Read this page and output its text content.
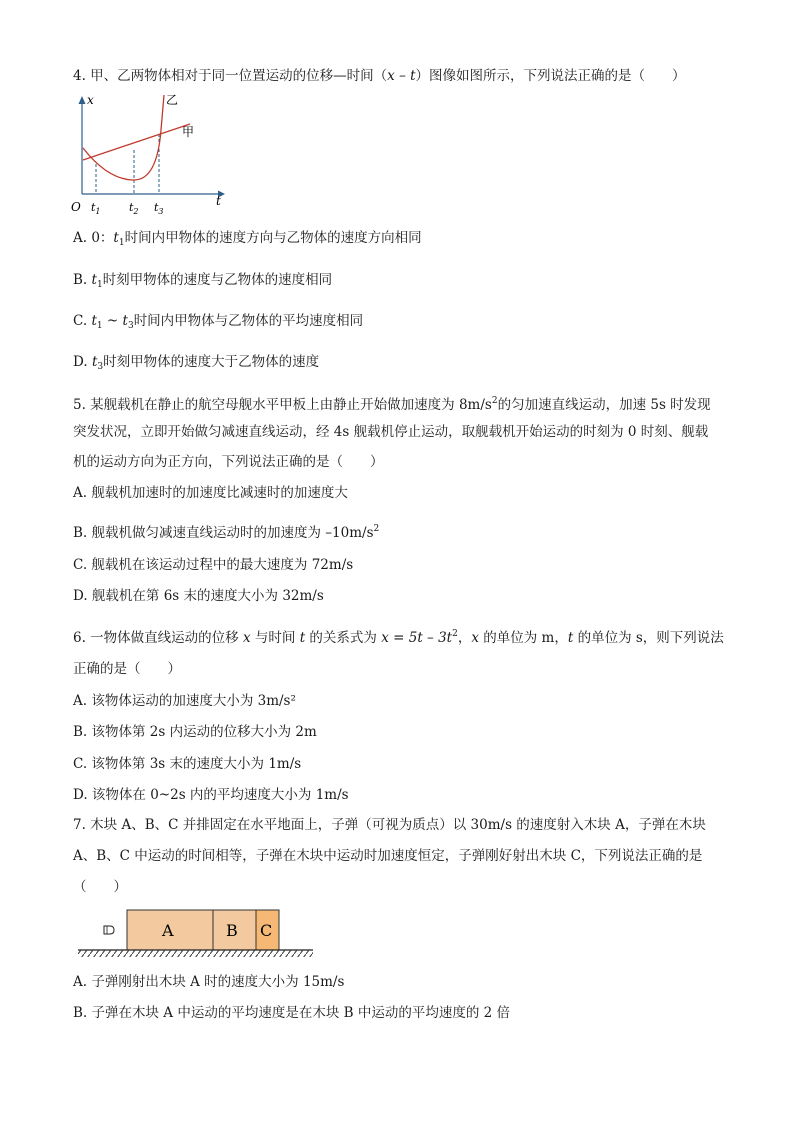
4. 甲、乙两物体相对于同一位置运动的位移—时间（x – t）图像如图所示，下列说法正确的是（　　）
t
x
O
甲
乙
$t_1$	$t_2$ $t_3$
A. 0：$t_1$时间内甲物体的速度方向与乙物体的速度方向相同
B. $t_1$时刻甲物体的速度与乙物体的速度相同
C. $t_1$ ~ $t_3$时间内甲物体与乙物体的平均速度相同
D. $t_3$时刻甲物体的速度大于乙物体的速度
5. 某舰载机在静止的航空母舰水平甲板上由静止开始做加速度为 $8m/s^2$的匀加速直线运动，加速 5s 时发现
突发状况，立即开始做匀减速直线运动，经 4s 舰载机停止运动，取舰载机开始运动的时刻为 0 时刻、舰载
机的运动方向为正方向，下列说法正确的是（　　）
A. 舰载机加速时的加速度比减速时的加速度大
B. 舰载机做匀减速直线运动时的加速度为 $-10m/s^2$
C. 舰载机在该运动过程中的最大速度为 72m/s
D. 舰载机在第 6s 末的速度大小为 32m/s
6. 一物体做直线运动的位移 x 与时间 t 的关系式为 $x = 5t - 3t^2$，x 的单位为 m，t 的单位为 s，则下列说法
正确的是（　　）
A. 该物体运动的加速度大小为 3m/s²
B. 该物体第 2s 内运动的位移大小为 2m
C. 该物体第 3s 末的速度大小为 1m/s
D. 该物体在 0~2s 内的平均速度大小为 1m/s
7. 木块 A、B、C 并排固定在水平地面上，子弹（可视为质点）以 30m/s 的速度射入木块 A，子弹在木块
A、B、C 中运动的时间相等，子弹在木块中运动时加速度恒定，子弹刚好射出木块 C，下列说法正确的是
（　　）
A	B C
A. 子弹刚射出木块 A 时的速度大小为 15m/s
B. 子弹在木块 A 中运动的平均速度是在木块 B 中运动的平均速度的 2 倍
